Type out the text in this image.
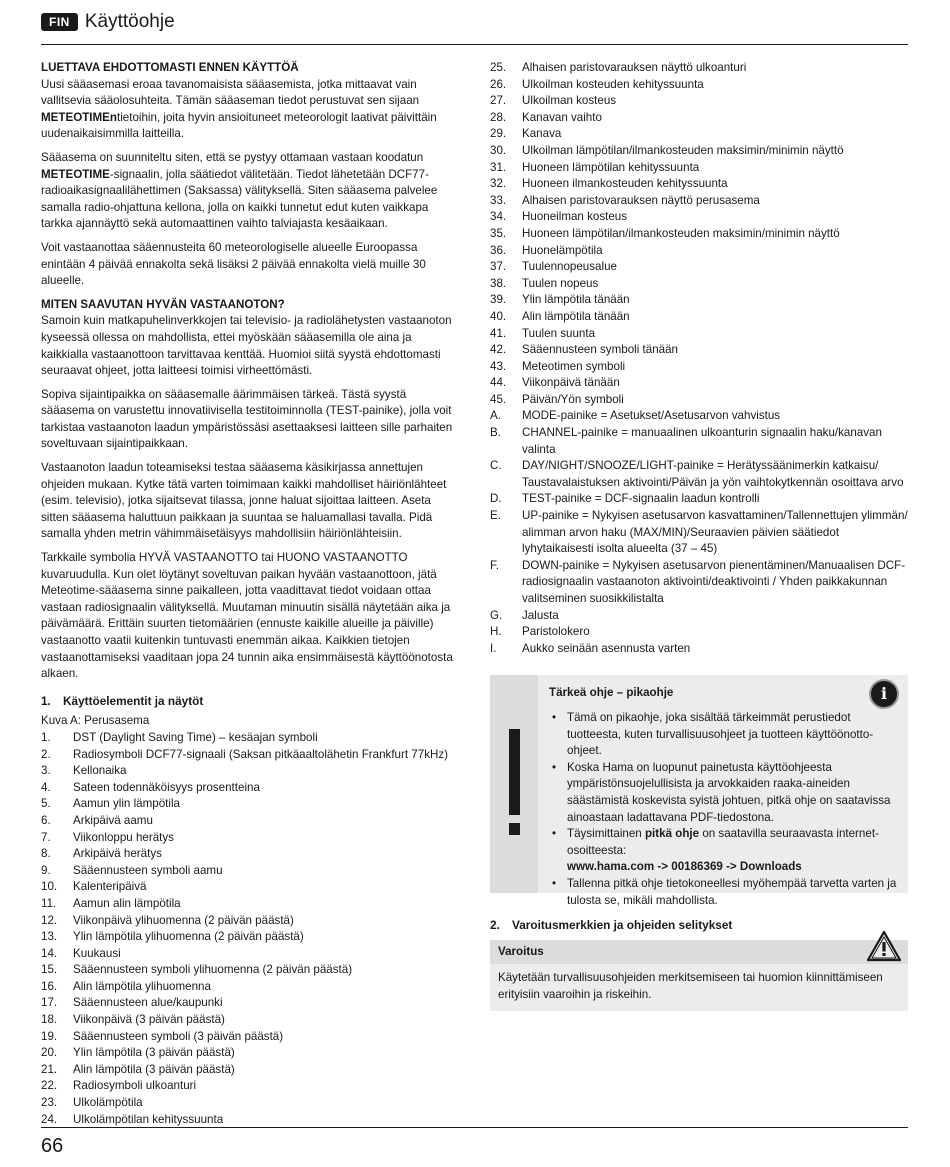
FIN Käyttöohje
LUETTAVA EHDOTTOMASTI ENNEN KÄYTTÖÄ

Uusi sääasemasi eroaa tavanomaisista sääasemista, jotka mittaavat vain vallitsevia sääolosuhteita. Tämän sääaseman tiedot perustuvat sen sijaan METEOTIMEntietoihin, joita hyvin ansioituneet meteorologit laativat päivittäin uudenaikaisimmilla laitteilla.

Sääasema on suunniteltu siten, että se pystyy ottamaan vastaan koodatun METEOTIME-signaalin, jolla säätiedot välitetään. Tiedot lähetetään DCF77-radioaikasignaalilähettimen (Saksassa) välityksellä. Siten sääasema palvelee samalla radio-ohjattuna kellona, jolla on kaikki tunnetut edut kuten vaikkapa tarkka ajannäyttö sekä automaattinen vaihto talviajasta kesäaikaan.

Voit vastaanottaa sääennusteita 60 meteorologiselle alueelle Euroopassa enintään 4 päivää ennakolta sekä lisäksi 2 päivää ennakolta vielä muille 30 alueelle.

MITEN SAAVUTAN HYVÄN VASTAANOTON?

Samoin kuin matkapuhelinverkkojen tai televisio- ja radiolähetysten vastaanoton kyseessä ollessa on mahdollista, ettei myöskään sääasemilla ole aina ja kaikkialla vastaanottoon tarvittavaa kenttää. Huomioi siitä syystä ehdottomasti seuraavat ohjeet, jotta laitteesi toimisi virheettömästi.

Sopiva sijaintipaikka on sääasemalle äärimmäisen tärkeä. Tästä syystä sääasema on varustettu innovatiivisella testitoiminnolla (TEST-painike), jolla voit tarkistaa vastaanoton laadun ympäristössäsi asettaaksesi laitteen sille parhaiten soveltuvaan sijaintipaikkaan.

Vastaanoton laadun toteamiseksi testaa sääasema käsikirjassa annettujen ohjeiden mukaan. Kytke tätä varten toimimaan kaikki mahdolliset häiriönlähteet (esim. televisio), jotka sijaitsevat tilassa, jonne haluat sijoittaa laitteen. Aseta sitten sääasema haluttuun paikkaan ja suuntaa se haluamallasi tavalla. Pidä samalla yhden metrin vähimmäisetäisyys mahdollisiin häiriönlähteisiin.

Tarkkaile symbolia HYVÄ VASTAANOTTO tai HUONO VASTAANOTTO kuvaruudulla. Kun olet löytänyt soveltuvan paikan hyvään vastaanottoon, jätä Meteotime-sääasema sinne paikalleen, jotta vaadittavat tiedot voidaan ottaa vastaan radiosignaalin välityksellä. Muutaman minuutin sisällä näytetään aika ja päivämäärä. Erittäin suurten tietomäärien (ennuste kaikille alueille ja päiville) vastaanotto vaatii kuitenkin tuntuvasti enemmän aikaa. Kaikkien tietojen vastaanottamiseksi vaaditaan jopa 24 tunnin aika ensimmäisestä käyttöönotosta alkaen.

1. Käyttöelementit ja näytöt
Kuva A: Perusasema
1.	DST (Daylight Saving Time) – kesäajan symboli
2.	Radiosymboli DCF77-signaali (Saksan pitkäaaltolähetin Frankfurt 77kHz)
3.	Kellonaika
4.	Sateen todennäköisyys prosentteina
5.	Aamun ylin lämpötila
6.	Arkipäivä aamu
7.	Viikonloppu herätys
8.	Arkipäivä herätys
9.	Sääennusteen symboli aamu
10.	Kalenteripäivä
11.	Aamun alin lämpötila
12.	Viikonpäivä ylihuomenna (2 päivän päästä)
13.	Ylin lämpötila ylihuomenna (2 päivän päästä)
14.	Kuukausi
15.	Sääennusteen symboli ylihuomenna (2 päivän päästä)
16.	Alin lämpötila ylihuomenna
17.	Sääennusteen alue/kaupunki
18.	Viikonpäivä (3 päivän päästä)
19.	Sääennusteen symboli (3 päivän päästä)
20.	Ylin lämpötila (3 päivän päästä)
21.	Alin lämpötila (3 päivän päästä)
22.	Radiosymboli ulkoanturi
23.	Ulkolämpötila
24.	Ulkolämpötilan kehityssuunta
25.	Alhaisen paristovarauksen näyttö ulkoanturi
26.	Ulkoilman kosteuden kehityssuunta
27.	Ulkoilman kosteus
28.	Kanavan vaihto
29.	Kanava
30.	Ulkoilman lämpötilan/ilmankosteuden maksimin/minimin näyttö
31.	Huoneen lämpötilan kehityssuunta
32.	Huoneen ilmankosteuden kehityssuunta
33.	Alhaisen paristovarauksen näyttö perusasema
34.	Huoneilman kosteus
35.	Huoneen lämpötilan/ilmankosteuden maksimin/minimin näyttö
36.	Huonelämpötila
37.	Tuulennopeusalue
38.	Tuulen nopeus
39.	Ylin lämpötila tänään
40.	Alin lämpötila tänään
41.	Tuulen suunta
42.	Sääennusteen symboli tänään
43.	Meteotimen symboli
44.	Viikonpäivä tänään
45.	Päivän/Yön symboli
A.	MODE-painike = Asetukset/Asetusarvon vahvistus
B.	CHANNEL-painike = manuaalinen ulkoanturin signaalin haku/kanavan valinta
C.	DAY/NIGHT/SNOOZE/LIGHT-painike = Herätyssäänimerkin katkaisu/ Taustavalaistuksen aktivointi/Päivän ja yön vaihtokytkennän osoittava arvo
D.	TEST-painike = DCF-signaalin laadun kontrolli
E.	UP-painike = Nykyisen asetusarvon kasvattaminen/Tallennettujen ylimmän/ alimman arvon haku (MAX/MIN)/Seuraavien päivien säätiedot lyhytaikaisesti isolta alueelta (37 – 45)
F.	DOWN-painike = Nykyisen asetusarvon pienentäminen/Manuaalisen DCF-radiosignaalin vastaanoton aktivointi/deaktivointi / Yhden paikkakunnan valitseminen suosikkilistalta
G.	Jalusta
H.	Paristolokero
I.	Aukko seinään asennusta varten
i
Tärkeä ohje – pikaohje
• Tämä on pikaohje, joka sisältää tärkeimmät perustiedot tuotteesta, kuten turvallisuusohjeet ja tuotteen käyttöönotto-ohjeet.
• Koska Hama on luopunut painetusta käyttöohjeesta ympäristönsuojelullisista ja arvokkaiden raaka-aineiden säästämistä koskevista syistä johtuen, pitkä ohje on saatavissa ainoastaan ladattavana PDF-tiedostona.
• Täysimittainen pitkä ohje on saatavilla seuraavasta internet-osoitteesta:
www.hama.com -> 00186369 -> Downloads
• Tallenna pitkä ohje tietokoneellesi myöhempää tarvetta varten ja tulosta se, mikäli mahdollista.
2. Varoitusmerkkien ja ohjeiden selitykset
Varoitus
Käytetään turvallisuusohjeiden merkitsemiseen tai huomion kiinnittämiseen erityisiin vaaroihin ja riskeihin.
66
